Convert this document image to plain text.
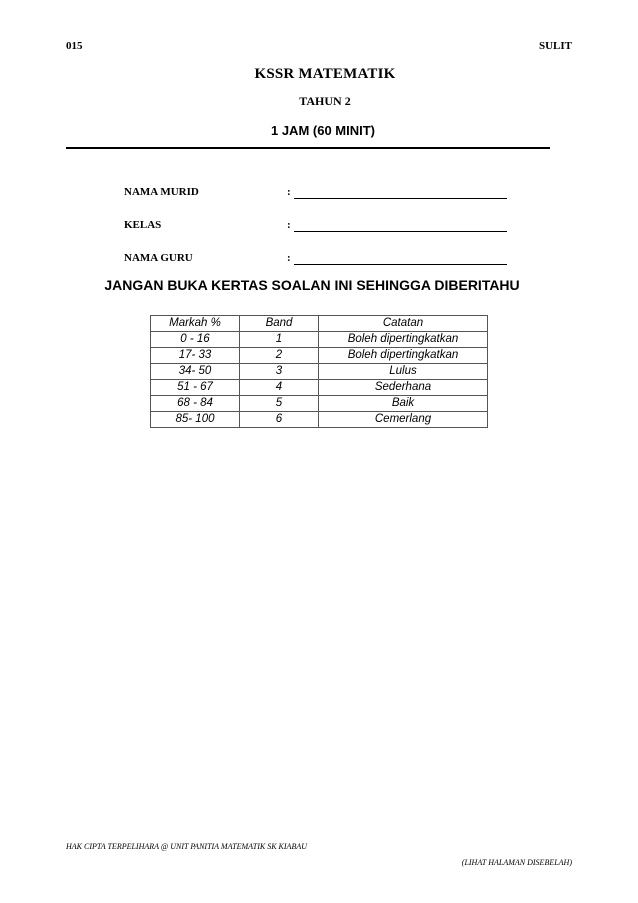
015	SULIT
KSSR MATEMATIK
TAHUN 2
1 JAM (60 MINIT)
NAMA MURID	:
KELAS	:
NAMA GURU	:
JANGAN BUKA KERTAS SOALAN INI SEHINGGA DIBERITAHU
Markah %	Band	Catatan
0 - 16	1	Boleh dipertingkatkan
17- 33	2	Boleh dipertingkatkan
34- 50	3	Lulus
51 - 67	4	Sederhana
68 - 84	5	Baik
85- 100	6	Cemerlang
HAK CIPTA TERPELIHARA @ UNIT PANITIA MATEMATIK SK KIABAU
(LIHAT HALAMAN DISEBELAH)
